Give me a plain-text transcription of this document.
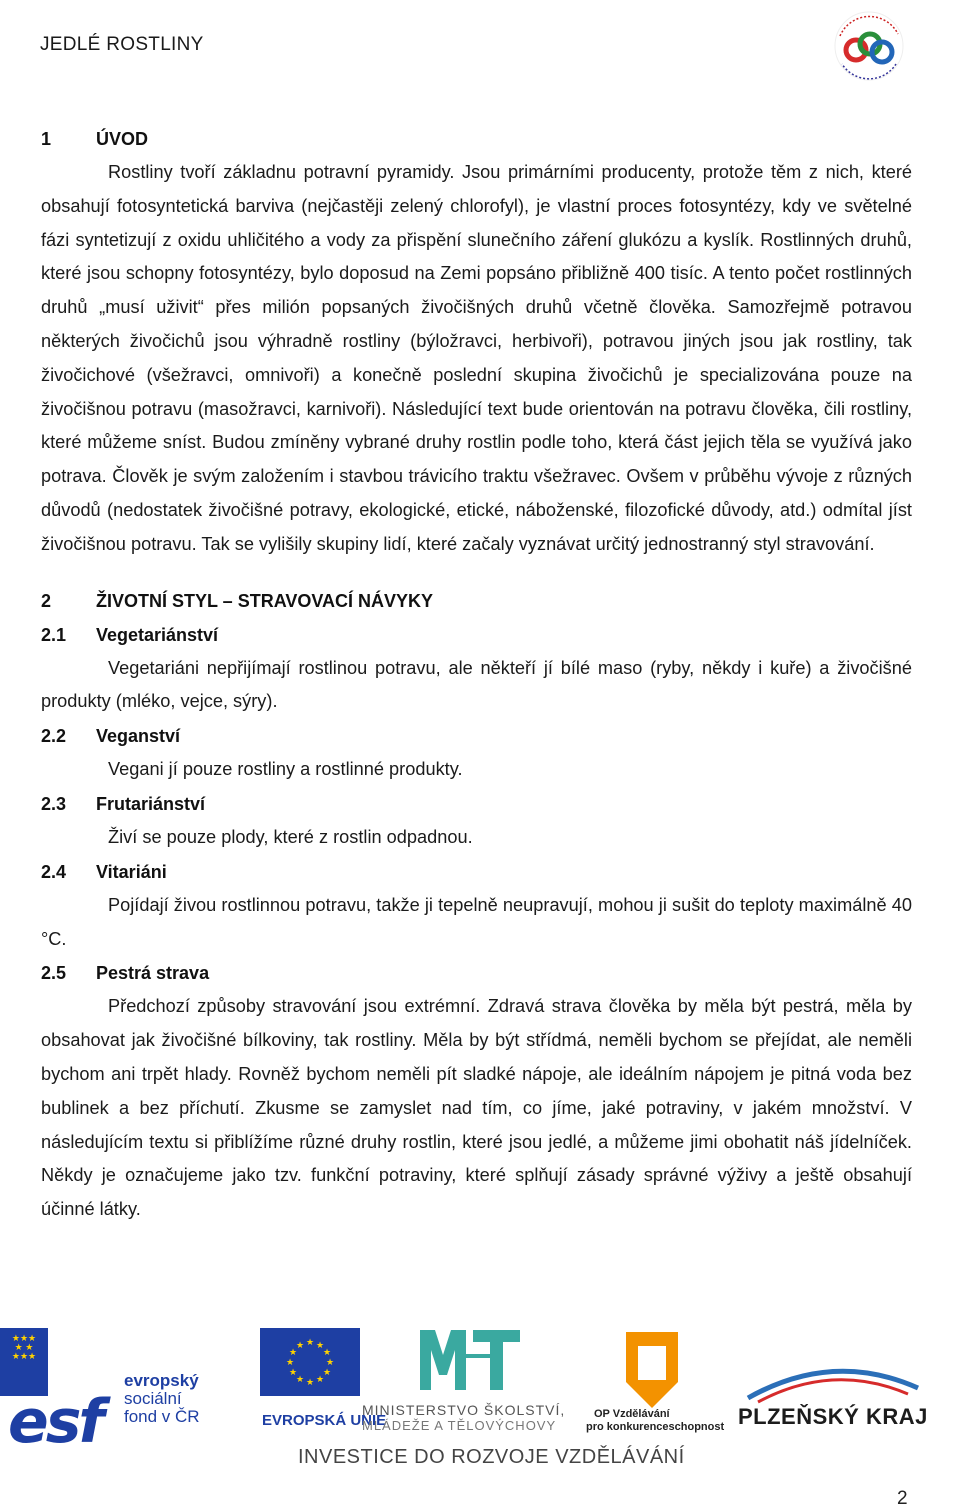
JEDLÉ ROSTLINY
1 ÚVOD

Rostliny tvoří základnu potravní pyramidy. Jsou primárními producenty, protože těm z nich, které obsahují fotosyntetická barviva (nejčastěji zelený chlorofyl), je vlastní proces fotosyntézy, kdy ve světelné fázi syntetizují z oxidu uhličitého a vody za přispění slunečního záření glukózu a kyslík. Rostlinných druhů, které jsou schopny fotosyntézy, bylo doposud na Zemi popsáno přibližně 400 tisíc. A tento počet rostlinných druhů „musí uživit“ přes milión popsaných živočišných druhů včetně člověka. Samozřejmě potravou některých živočichů jsou výhradně rostliny (býložravci, herbivoři), potravou jiných jsou jak rostliny, tak živočichové (všežravci, omnivoři) a konečně poslední skupina živočichů je specializována pouze na živočišnou potravu (masožravci, karnivoři). Následující text bude orientován na potravu člověka, čili rostliny, které můžeme sníst. Budou zmíněny vybrané druhy rostlin podle toho, která část jejich těla se využívá jako potrava. Člověk je svým založením i stavbou trávicího traktu všežravec. Ovšem v průběhu vývoje z různých důvodů (nedostatek živočišné potravy, ekologické, etické, náboženské, filozofické důvody, atd.) odmítal jíst živočišnou potravu. Tak se vylišily skupiny lidí, které začaly vyznávat určitý jednostranný styl stravování.

2 ŽIVOTNÍ STYL – STRAVOVACÍ NÁVYKY
2.1 Vegetariánství

Vegetariáni nepřijímají rostlinou potravu, ale někteří jí bílé maso (ryby, někdy i kuře) a živočišné produkty (mléko, vejce, sýry).

2.2 Veganství

Vegani jí pouze rostliny a rostlinné produkty.

2.3 Frutariánství

Živí se pouze plody, které z rostlin odpadnou.

2.4 Vitariáni

Pojídají živou rostlinnou potravu, takže ji tepelně neupravují, mohou ji sušit do teploty maximálně 40 °C.

2.5 Pestrá strava

Předchozí způsoby stravování jsou extrémní. Zdravá strava člověka by měla být pestrá, měla by obsahovat jak živočišné bílkoviny, tak rostliny. Měla by být střídmá, neměli bychom se přejídat, ale neměli bychom ani trpět hlady. Rovněž bychom neměli pít sladké nápoje, ale ideálním nápojem je pitná voda bez bublinek a bez příchutí. Zkusme se zamyslet nad tím, co jíme, jaké potraviny, v jakém množství. V následujícím textu si přiblížíme různé druhy rostlin, které jsou jedlé, a můžeme jimi obohatit náš jídelníček. Někdy je označujeme jako tzv. funkční potraviny, které splňují zásady správné výživy a ještě obsahují účinné látky.

★★★
★ ★
★★★
esf
evropský
sociální
fond v ČR
★ ★
★
★
★
★
★
★
★
★
★
★
EVROPSKÁ UNIE
MINISTERSTVO ŠKOLSTVÍ,
MLÁDEŽE A TĚLOVÝCHOVY
OP Vzdělávání
pro konkurenceschopnost PLZEŇSKÝ KRAJ
INVESTICE DO ROZVOJE VZDĚLÁVÁNÍ
2
